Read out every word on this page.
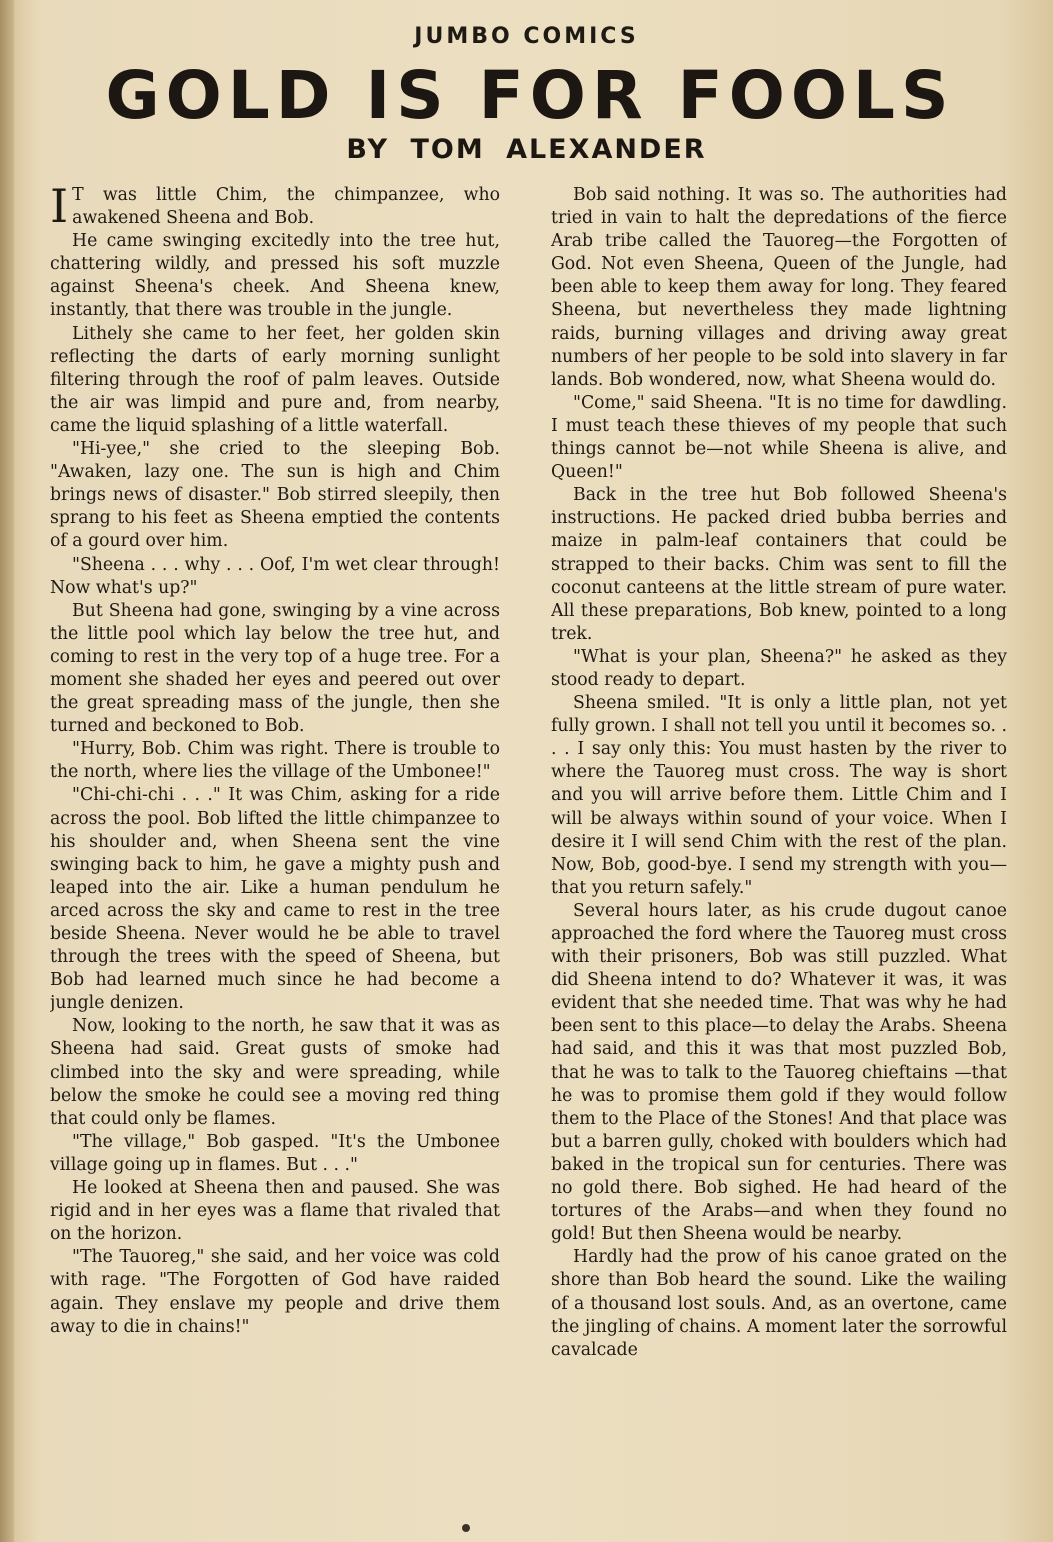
JUMBO COMICS
GOLD IS FOR FOOLS
BY TOM ALEXANDER

I T was little Chim, the chimpanzee, who awakened Sheena and Bob.

He came swinging excitedly into the tree hut, chattering wildly, and pressed his soft muzzle against Sheena's cheek. And Sheena knew, instantly, that there was trouble in the jungle.

Lithely she came to her feet, her golden skin reflecting the darts of early morning sunlight filtering through the roof of palm leaves. Outside the air was limpid and pure and, from nearby, came the liquid splashing of a little waterfall.

"Hi-yee," she cried to the sleeping Bob. "Awaken, lazy one. The sun is high and Chim brings news of disaster." Bob stirred sleepily, then sprang to his feet as Sheena emptied the contents of a gourd over him.

"Sheena . . . why . . . Oof, I'm wet clear through! Now what's up?"

But Sheena had gone, swinging by a vine across the little pool which lay below the tree hut, and coming to rest in the very top of a huge tree. For a moment she shaded her eyes and peered out over the great spreading mass of the jungle, then she turned and beckoned to Bob.

"Hurry, Bob. Chim was right. There is trouble to the north, where lies the village of the Umbonee!"

"Chi-chi-chi . . ." It was Chim, asking for a ride across the pool. Bob lifted the little chimpanzee to his shoulder and, when Sheena sent the vine swinging back to him, he gave a mighty push and leaped into the air. Like a human pendulum he arced across the sky and came to rest in the tree beside Sheena. Never would he be able to travel through the trees with the speed of Sheena, but Bob had learned much since he had become a jungle denizen.

Now, looking to the north, he saw that it was as Sheena had said. Great gusts of smoke had climbed into the sky and were spreading, while below the smoke he could see a moving red thing that could only be flames.

"The village," Bob gasped. "It's the Umbonee village going up in flames. But . . ."

He looked at Sheena then and paused. She was rigid and in her eyes was a flame that rivaled that on the horizon.

"The Tauoreg," she said, and her voice was cold with rage. "The Forgotten of God have raided again. They enslave my people and drive them away to die in chains!"

Bob said nothing. It was so. The authorities had tried in vain to halt the depredations of the fierce Arab tribe called the Tauoreg—the Forgotten of God. Not even Sheena, Queen of the Jungle, had been able to keep them away for long. They feared Sheena, but nevertheless they made lightning raids, burning villages and driving away great numbers of her people to be sold into slavery in far lands. Bob wondered, now, what Sheena would do.

"Come," said Sheena. "It is no time for dawdling. I must teach these thieves of my people that such things cannot be—not while Sheena is alive, and Queen!"

Back in the tree hut Bob followed Sheena's instructions. He packed dried bubba berries and maize in palm-leaf containers that could be strapped to their backs. Chim was sent to fill the coconut canteens at the little stream of pure water. All these preparations, Bob knew, pointed to a long trek.

"What is your plan, Sheena?" he asked as they stood ready to depart.

Sheena smiled. "It is only a little plan, not yet fully grown. I shall not tell you until it becomes so. . . . I say only this: You must hasten by the river to where the Tauoreg must cross. The way is short and you will arrive before them. Little Chim and I will be always within sound of your voice. When I desire it I will send Chim with the rest of the plan. Now, Bob, good-bye. I send my strength with you—that you return safely."

Several hours later, as his crude dugout canoe approached the ford where the Tauoreg must cross with their prisoners, Bob was still puzzled. What did Sheena intend to do? Whatever it was, it was evident that she needed time. That was why he had been sent to this place—to delay the Arabs. Sheena had said, and this it was that most puzzled Bob, that he was to talk to the Tauoreg chieftains —that he was to promise them gold if they would follow them to the Place of the Stones! And that place was but a barren gully, choked with boulders which had baked in the tropical sun for centuries. There was no gold there. Bob sighed. He had heard of the tortures of the Arabs—and when they found no gold! But then Sheena would be nearby.

Hardly had the prow of his canoe grated on the shore than Bob heard the sound. Like the wailing of a thousand lost souls. And, as an overtone, came the jingling of chains. A moment later the sorrowful cavalcade
